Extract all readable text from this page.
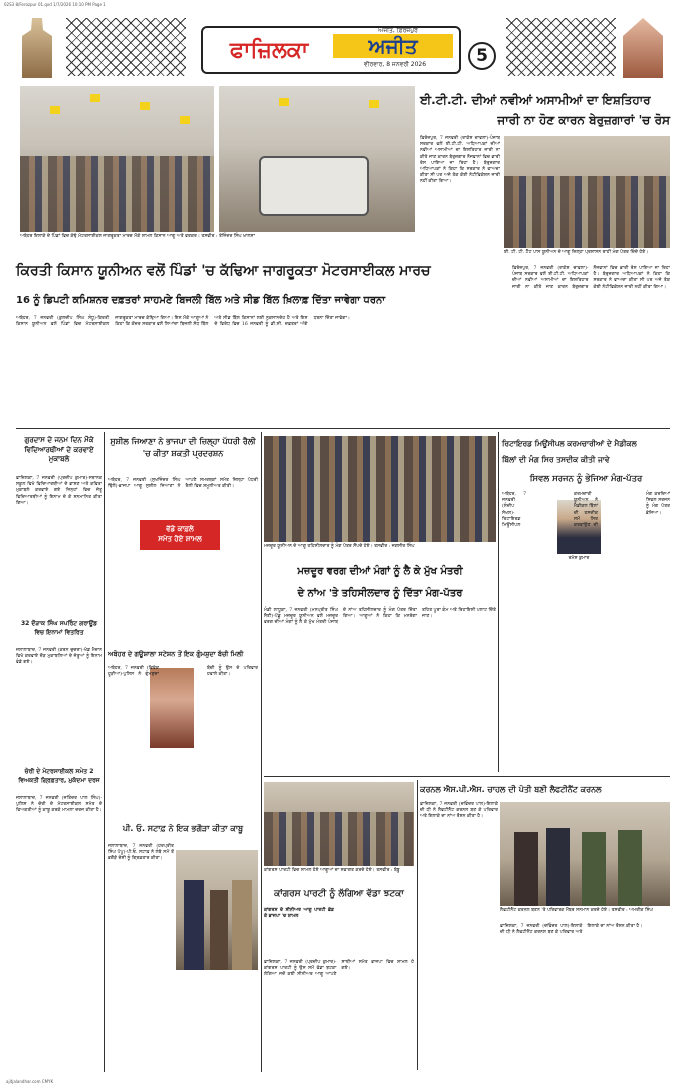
02S3 8/Ferozpur 01.qxd 1/7/2026 10:10 PM Page 1
ਅਜੀਤ, ਫ਼ਿਰੋਜ਼ਪੁਰ
ਫਾਜ਼ਿਲਕਾ	ਅਜੀਤ
ਵੀਰਵਾਰ, 8 ਜਨਵਰੀ 2026	5
ਅਬੋਹਰ ਇਲਾਕੇ ਦੇ ਪਿੰਡਾਂ ਵਿਚ ਕੱਢੇ ਮੋਟਰਸਾਈਕਲ ਜਾਗਰੂਕਤਾ ਮਾਰਚ ਮੌਕੇ ਸ਼ਾਮਲ ਕਿਸਾਨ ਆਗੂ ਅਤੇ ਵਰਕਰ। ਤਸਵੀਰ : ਤੇਜਿੰਦਰ ਸਿੰਘ ਖ਼ਾਲਸਾ
ਈ.ਟੀ.ਟੀ. ਦੀਆਂ ਨਵੀਆਂ ਅਸਾਮੀਆਂ ਦਾ ਇਸ਼ਤਿਹਾਰ
ਜਾਰੀ ਨਾ ਹੋਣ ਕਾਰਨ ਬੇਰੁਜ਼ਗਾਰਾਂ 'ਚ ਰੋਸ
ਫ਼ਿਰੋਜ਼ਪੁਰ, 7 ਜਨਵਰੀ (ਰਾਕੇਸ਼ ਚਾਵਲਾ)-ਪੰਜਾਬ ਸਰਕਾਰ ਵਲੋਂ ਈ.ਟੀ.ਟੀ. ਅਧਿਆਪਕਾਂ ਦੀਆਂ ਨਵੀਆਂ ਅਸਾਮੀਆਂ ਦਾ ਇਸ਼ਤਿਹਾਰ ਜਾਰੀ ਨਾ ਕੀਤੇ ਜਾਣ ਕਾਰਨ ਬੇਰੁਜ਼ਗਾਰ ਨੌਜਵਾਨਾਂ ਵਿਚ ਭਾਰੀ ਰੋਸ ਪਾਇਆ ਜਾ ਰਿਹਾ ਹੈ। ਬੇਰੁਜ਼ਗਾਰ ਅਧਿਆਪਕਾਂ ਨੇ ਕਿਹਾ ਕਿ ਸਰਕਾਰ ਨੇ ਵਾਅਦਾ ਕੀਤਾ ਸੀ ਪਰ ਅਜੇ ਤੱਕ ਕੋਈ ਨੋਟੀਫਿਕੇਸ਼ਨ ਜਾਰੀ ਨਹੀਂ ਕੀਤਾ ਗਿਆ।
ਈ. ਟੀ. ਟੀ. ਟੈੱਟ ਪਾਸ ਯੂਨੀਅਨ ਦੇ ਆਗੂ ਜ਼ਿਲ੍ਹਾ ਪ੍ਰਸ਼ਾਸਨ ਰਾਹੀਂ ਮੰਗ ਪੱਤਰ ਦਿੰਦੇ ਹੋਏ।
ਕਿਰਤੀ ਕਿਸਾਨ ਯੂਨੀਅਨ ਵਲੋਂ ਪਿੰਡਾਂ 'ਚ ਕੱਢਿਆ ਜਾਗਰੂਕਤਾ ਮੋਟਰਸਾਈਕਲ ਮਾਰਚ
16 ਨੂੰ ਡਿਪਟੀ ਕਮਿਸ਼ਨਰ ਦਫ਼ਤਰਾਂ ਸਾਹਮਣੇ ਬਿਜਲੀ ਬਿੱਲ ਅਤੇ ਸੀਡ ਬਿੱਲ ਖ਼ਿਲਾਫ਼ ਦਿੱਤਾ ਜਾਵੇਗਾ ਧਰਨਾ
ਅਬੋਹਰ, 7 ਜਨਵਰੀ (ਕੁਲਦੀਪ ਸਿੰਘ ਸੰਧੂ)-ਕਿਰਤੀ ਕਿਸਾਨ ਯੂਨੀਅਨ ਵਲੋਂ ਪਿੰਡਾਂ ਵਿਚ ਮੋਟਰਸਾਈਕਲ ਜਾਗਰੂਕਤਾ ਮਾਰਚ ਕੱਢਿਆ ਗਿਆ। ਇਸ ਮੌਕੇ ਆਗੂਆਂ ਨੇ ਕਿਹਾ ਕਿ ਕੇਂਦਰ ਸਰਕਾਰ ਵਲੋਂ ਲਿਆਂਦਾ ਬਿਜਲੀ ਸੋਧ ਬਿੱਲ ਅਤੇ ਸੀਡ ਬਿੱਲ ਕਿਸਾਨਾਂ ਲਈ ਨੁਕਸਾਨਦੇਹ ਹੈ ਅਤੇ ਇਸ ਦੇ ਵਿਰੋਧ ਵਿਚ 16 ਜਨਵਰੀ ਨੂੰ ਡੀ.ਸੀ. ਦਫ਼ਤਰਾਂ ਅੱਗੇ ਧਰਨਾ ਦਿੱਤਾ ਜਾਵੇਗਾ।
ਫ਼ਿਰੋਜ਼ਪੁਰ, 7 ਜਨਵਰੀ (ਰਾਕੇਸ਼ ਚਾਵਲਾ)-ਪੰਜਾਬ ਸਰਕਾਰ ਵਲੋਂ ਈ.ਟੀ.ਟੀ. ਅਧਿਆਪਕਾਂ ਦੀਆਂ ਨਵੀਆਂ ਅਸਾਮੀਆਂ ਦਾ ਇਸ਼ਤਿਹਾਰ ਜਾਰੀ ਨਾ ਕੀਤੇ ਜਾਣ ਕਾਰਨ ਬੇਰੁਜ਼ਗਾਰ ਨੌਜਵਾਨਾਂ ਵਿਚ ਭਾਰੀ ਰੋਸ ਪਾਇਆ ਜਾ ਰਿਹਾ ਹੈ। ਬੇਰੁਜ਼ਗਾਰ ਅਧਿਆਪਕਾਂ ਨੇ ਕਿਹਾ ਕਿ ਸਰਕਾਰ ਨੇ ਵਾਅਦਾ ਕੀਤਾ ਸੀ ਪਰ ਅਜੇ ਤੱਕ ਕੋਈ ਨੋਟੀਫਿਕੇਸ਼ਨ ਜਾਰੀ ਨਹੀਂ ਕੀਤਾ ਗਿਆ।
ਗੁਰਦਾਸ ਦੇ ਜਨਮ ਦਿਨ ਮੌਕੇ ਵਿਦਿਆਰਥੀਆਂ ਦੇ ਕਰਵਾਏ ਮੁਕਾਬਲੇ
ਫ਼ਾਜ਼ਿਲਕਾ, 7 ਜਨਵਰੀ (ਪ੍ਰਦੀਪ ਕੁਮਾਰ)-ਸਥਾਨਕ ਸਕੂਲ ਵਿਖੇ ਵਿਦਿਆਰਥੀਆਂ ਦੇ ਭਾਸ਼ਣ ਅਤੇ ਕਵਿਤਾ ਮੁਕਾਬਲੇ ਕਰਵਾਏ ਗਏ ਜਿਨ੍ਹਾਂ ਵਿਚ ਜੇਤੂ ਵਿਦਿਆਰਥੀਆਂ ਨੂੰ ਇਨਾਮ ਦੇ ਕੇ ਸਨਮਾਨਿਤ ਕੀਤਾ ਗਿਆ।
32 ਦੌੜਾਕ ਸਿੰਘ ਸਪਰਿੰਟ ਗਰਾਊਂਡ ਵਿਚ ਇਨਾਮਾਂ ਵਿਤਰਿਤ
ਜਲਾਲਾਬਾਦ, 7 ਜਨਵਰੀ (ਕਰਨ ਚੁਚਰਾ)-ਖੇਡ ਮੈਦਾਨ ਵਿਖੇ ਕਰਵਾਏ ਦੌੜ ਮੁਕਾਬਲਿਆਂ ਦੇ ਜੇਤੂਆਂ ਨੂੰ ਇਨਾਮ ਵੰਡੇ ਗਏ।
ਚੋਰੀ ਦੇ ਮੋਟਰਸਾਈਕਲ ਸਮੇਤ 2 ਵਿਅਕਤੀ ਗ੍ਰਿਫ਼ਤਾਰ, ਮੁਕੱਦਮਾ ਦਰਜ
ਜਲਾਲਾਬਾਦ, 7 ਜਨਵਰੀ (ਜਤਿੰਦਰ ਪਾਲ ਸਿੰਘ)-ਪੁਲਿਸ ਨੇ ਚੋਰੀ ਦੇ ਮੋਟਰਸਾਈਕਲ ਸਮੇਤ ਦੋ ਵਿਅਕਤੀਆਂ ਨੂੰ ਕਾਬੂ ਕਰਕੇ ਮਾਮਲਾ ਦਰਜ ਕੀਤਾ ਹੈ।
ਸੁਸ਼ੀਲ ਜਿਆਣਾ ਨੇ ਭਾਜਪਾ ਦੀ ਜ਼ਿਲ੍ਹਾ ਪੱਧਰੀ ਰੈਲੀ 'ਚ ਕੀਤਾ ਸ਼ਕਤੀ ਪ੍ਰਦਰਸ਼ਨ
ਅਬੋਹਰ, 7 ਜਨਵਰੀ (ਸੁਖਜਿੰਦਰ ਸਿੰਘ ਢਿੱਲੋਂ)-ਭਾਜਪਾ ਆਗੂ ਸੁਸ਼ੀਲ ਜਿਆਣਾ ਨੇ ਆਪਣੇ ਸਮਰਥਕਾਂ ਸਮੇਤ ਜ਼ਿਲ੍ਹਾ ਪੱਧਰੀ ਰੈਲੀ ਵਿਚ ਸ਼ਮੂਲੀਅਤ ਕੀਤੀ।
ਵੱਡੇ ਕਾਫ਼ਲੇ
ਸਮੇਤ ਹੋਏ ਸ਼ਾਮਲ
ਅਬੋਹਰ ਦੇ ਗਊਸ਼ਾਲਾ ਸਟੇਸ਼ਨ ਤੋਂ ਇਕ ਗੁੰਮਸ਼ੁਦਾ ਬੱਚੀ ਮਿਲੀ
ਅਬੋਹਰ, 7 ਜਨਵਰੀ (ਵਿਵੇਕ ਹੂੜੀਆ)-ਪੁਲਿਸ ਨੇ ਗੁੰਮਸ਼ੁਦਾ ਬੱਚੀ ਨੂੰ ਉਸ ਦੇ ਪਰਿਵਾਰ ਹਵਾਲੇ ਕੀਤਾ।
ਪੀ. ਓ. ਸਟਾਫ਼ ਨੇ ਇਕ ਭਗੌੜਾ ਕੀਤਾ ਕਾਬੂ
ਜਲਾਲਾਬਾਦ, 7 ਜਨਵਰੀ (ਹਰਪ੍ਰੀਤ ਸਿੰਘ ਪੱਪੂ)-ਪੀ.ਓ. ਸਟਾਫ਼ ਨੇ ਲੰਬੇ ਸਮੇਂ ਤੋਂ ਭਗੌੜੇ ਦੋਸ਼ੀ ਨੂੰ ਗ੍ਰਿਫ਼ਤਾਰ ਕੀਤਾ।
ਮਜ਼ਦੂਰ ਯੂਨੀਅਨ ਦੇ ਆਗੂ ਤਹਿਸੀਲਦਾਰ ਨੂੰ ਮੰਗ ਪੱਤਰ ਸੌਂਪਦੇ ਹੋਏ। ਤਸਵੀਰ : ਜਗਸੀਰ ਸਿੰਘ
ਮਜ਼ਦੂਰ ਵਰਗ ਦੀਆਂ ਮੰਗਾਂ ਨੂੰ ਲੈ ਕੇ ਮੁੱਖ ਮੰਤਰੀ
ਦੇ ਨਾਂਅ 'ਤੇ ਤਹਿਸੀਲਦਾਰ ਨੂੰ ਦਿੱਤਾ ਮੰਗ-ਪੱਤਰ
ਮੰਡੀ ਲਾਧੂਕਾ, 7 ਜਨਵਰੀ (ਮਨਪ੍ਰੀਤ ਸਿੰਘ ਸੈਣੀ)-ਪੇਂਡੂ ਮਜ਼ਦੂਰ ਯੂਨੀਅਨ ਵਲੋਂ ਮਜ਼ਦੂਰ ਵਰਗ ਦੀਆਂ ਮੰਗਾਂ ਨੂੰ ਲੈ ਕੇ ਮੁੱਖ ਮੰਤਰੀ ਪੰਜਾਬ ਦੇ ਨਾਂਅ ਤਹਿਸੀਲਦਾਰ ਨੂੰ ਮੰਗ ਪੱਤਰ ਦਿੱਤਾ ਗਿਆ। ਆਗੂਆਂ ਨੇ ਕਿਹਾ ਕਿ ਮਨਰੇਗਾ ਤਹਿਤ ਪੂਰਾ ਕੰਮ ਅਤੇ ਰਿਹਾਇਸ਼ੀ ਪਲਾਟ ਦਿੱਤੇ ਜਾਣ।
ਰਿਟਾਇਰਡ ਮਿਊਂਸੀਪਲ ਕਰਮਚਾਰੀਆਂ ਦੇ ਮੈਡੀਕਲ
ਬਿੱਲਾਂ ਦੀ ਮੰਗ ਸਿਰ ਤਸਦੀਕ ਕੀਤੀ ਜਾਵੇ
ਸਿਵਲ ਸਰਜਨ ਨੂੰ ਭੇਜਿਆ ਮੰਗ-ਪੱਤਰ
ਰਮੇਸ਼ ਕੁਮਾਰ
ਅਬੋਹਰ, 7 ਜਨਵਰੀ (ਸੰਦੀਪ ਸੋਖਲ)-ਰਿਟਾਇਰਡ ਮਿਊਂਸੀਪਲ ਕਰਮਚਾਰੀ ਯੂਨੀਅਨ ਨੇ ਮੈਡੀਕਲ ਬਿੱਲਾਂ ਦੀ ਤਸਦੀਕ ਸਮੇਂ ਸਿਰ ਕਰਵਾਉਣ ਦੀ ਮੰਗ ਕਰਦਿਆਂ ਸਿਵਲ ਸਰਜਨ ਨੂੰ ਮੰਗ ਪੱਤਰ ਭੇਜਿਆ।
ਕਾਂਗਰਸ ਪਾਰਟੀ ਵਿਚ ਸ਼ਾਮਲ ਹੋਏ ਆਗੂਆਂ ਦਾ ਸਵਾਗਤ ਕਰਦੇ ਹੋਏ। ਤਸਵੀਰ : ਬੱਬੂ
ਕਾਂਗਰਸ ਪਾਰਟੀ ਨੂੰ ਲੱਗਿਆ ਵੱਡਾ ਝਟਕਾ
ਕਾਂਗਰਸ ਦੇ ਸੀਨੀਅਰ ਆਗੂ ਪਾਰਟੀ ਛੱਡ ਕੇ ਭਾਜਪਾ 'ਚ ਸ਼ਾਮਲ
ਫ਼ਾਜ਼ਿਲਕਾ, 7 ਜਨਵਰੀ (ਪ੍ਰਦੀਪ ਕੁਮਾਰ)-ਕਾਂਗਰਸ ਪਾਰਟੀ ਨੂੰ ਉਸ ਸਮੇਂ ਵੱਡਾ ਝਟਕਾ ਲੱਗਿਆ ਜਦੋਂ ਕਈ ਸੀਨੀਅਰ ਆਗੂ ਆਪਣੇ ਸਾਥੀਆਂ ਸਮੇਤ ਭਾਜਪਾ ਵਿਚ ਸ਼ਾਮਲ ਹੋ ਗਏ।
ਕਰਨਲ ਐਸ.ਪੀ.ਐਸ. ਚਾਹਲ ਦੀ ਪੋਤੀ ਬਣੀ ਲੈਫਟੀਨੈਂਟ ਕਰਨਲ
ਲੈਫਟੀਨੈਂਟ ਕਰਨਲ ਬਣਨ 'ਤੇ ਪਰਿਵਾਰਕ ਮੈਂਬਰ ਸਨਮਾਨ ਕਰਦੇ ਹੋਏ। ਤਸਵੀਰ : ਅਮਰੀਕ ਸਿੰਘ
ਫ਼ਾਜ਼ਿਲਕਾ, 7 ਜਨਵਰੀ (ਦਵਿੰਦਰ ਪਾਲ)-ਇਲਾਕੇ ਦੀ ਧੀ ਨੇ ਲੈਫਟੀਨੈਂਟ ਕਰਨਲ ਬਣ ਕੇ ਪਰਿਵਾਰ ਅਤੇ ਇਲਾਕੇ ਦਾ ਨਾਂਅ ਰੌਸ਼ਨ ਕੀਤਾ ਹੈ।
ਫ਼ਾਜ਼ਿਲਕਾ, 7 ਜਨਵਰੀ (ਦਵਿੰਦਰ ਪਾਲ)-ਇਲਾਕੇ ਦੀ ਧੀ ਨੇ ਲੈਫਟੀਨੈਂਟ ਕਰਨਲ ਬਣ ਕੇ ਪਰਿਵਾਰ ਅਤੇ ਇਲਾਕੇ ਦਾ ਨਾਂਅ ਰੌਸ਼ਨ ਕੀਤਾ ਹੈ।
ajitjalandhar.com CMYK
